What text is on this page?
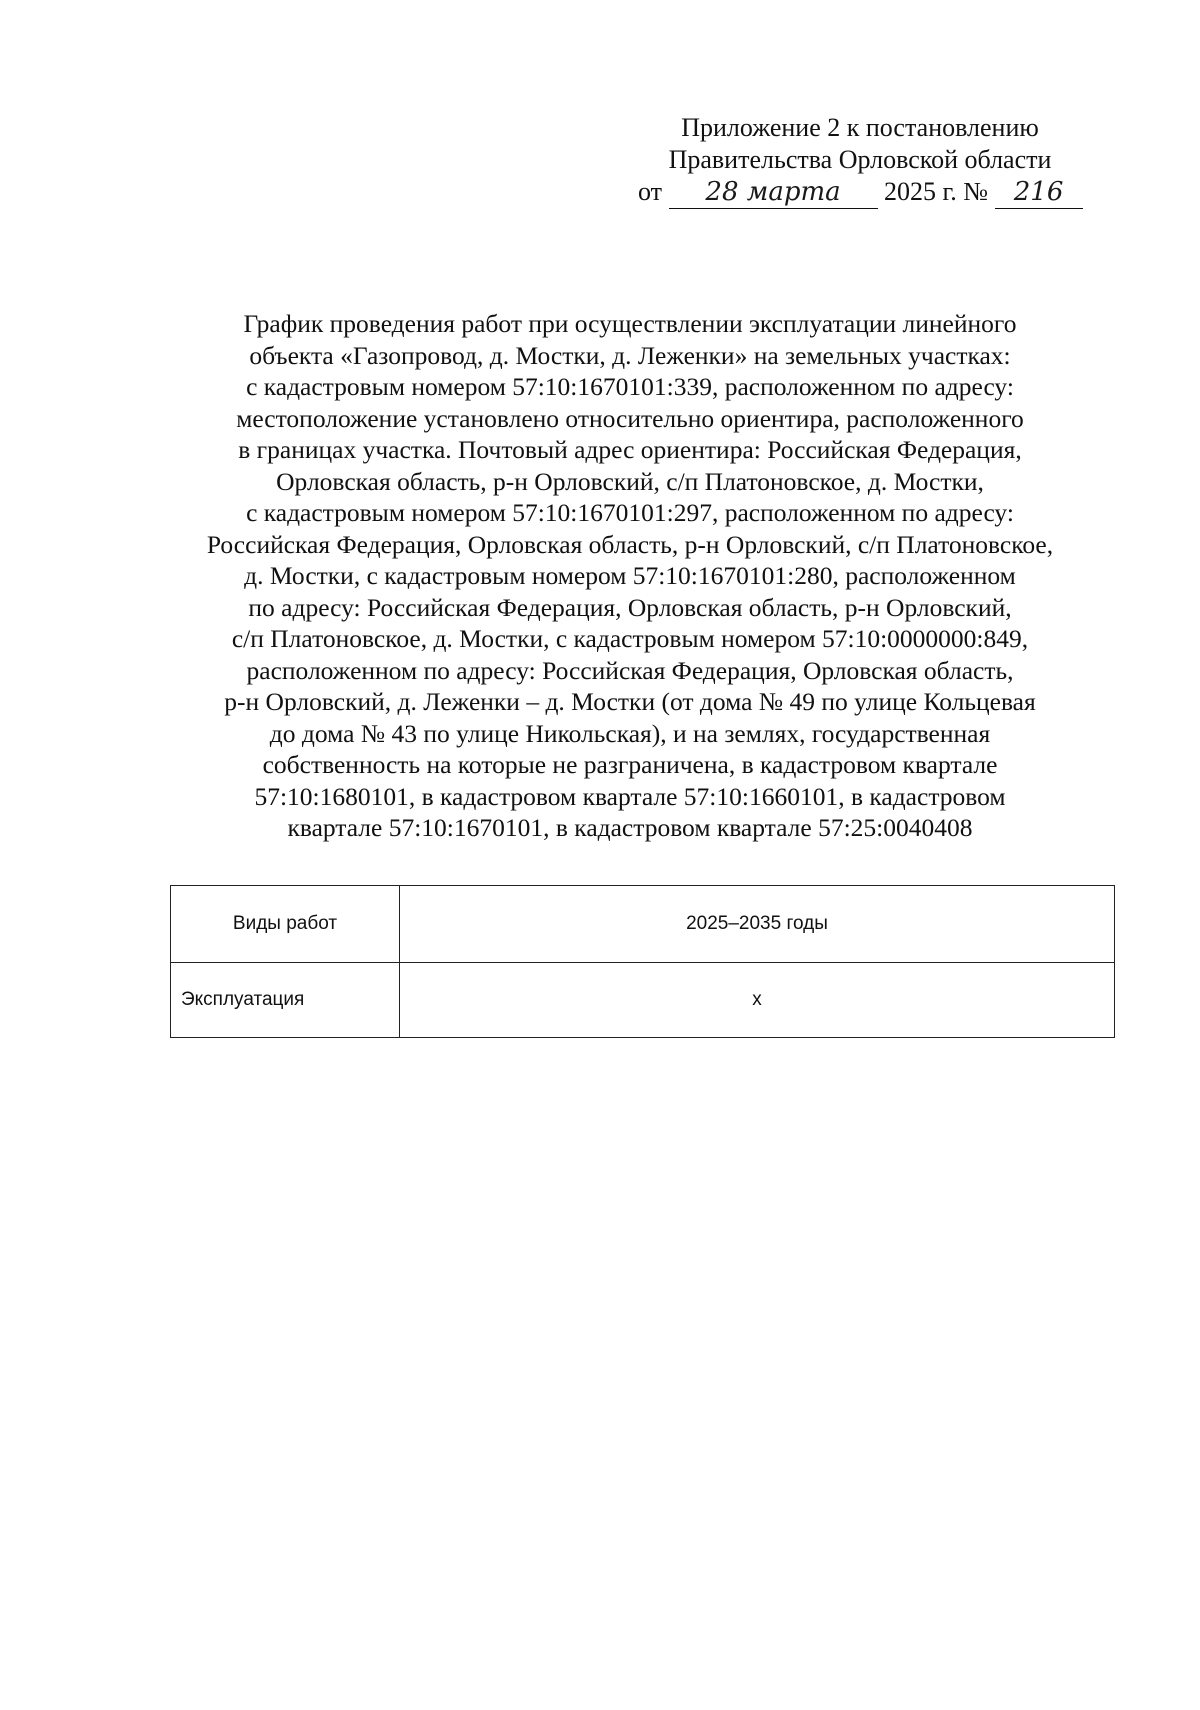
Приложение 2 к постановлению
Правительства Орловской области
от 28 марта 2025 г. № 216
График проведения работ при осуществлении эксплуатации линейного
объекта «Газопровод, д. Мостки, д. Леженки» на земельных участках:
с кадастровым номером 57:10:1670101:339, расположенном по адресу:
местоположение установлено относительно ориентира, расположенного
в границах участка. Почтовый адрес ориентира: Российская Федерация,
Орловская область, р-н Орловский, с/п Платоновское, д. Мостки,
с кадастровым номером 57:10:1670101:297, расположенном по адресу:
Российская Федерация, Орловская область, р-н Орловский, с/п Платоновское,
д. Мостки, с кадастровым номером 57:10:1670101:280, расположенном
по адресу: Российская Федерация, Орловская область, р-н Орловский,
с/п Платоновское, д. Мостки, с кадастровым номером 57:10:0000000:849,
расположенном по адресу: Российская Федерация, Орловская область,
р-н Орловский, д. Леженки – д. Мостки (от дома № 49 по улице Кольцевая
до дома № 43 по улице Никольская), и на землях, государственная
собственность на которые не разграничена, в кадастровом квартале
57:10:1680101, в кадастровом квартале 57:10:1660101, в кадастровом
квартале 57:10:1670101, в кадастровом квартале 57:25:0040408
Виды работ	2025–2035 годы
Эксплуатация	x
